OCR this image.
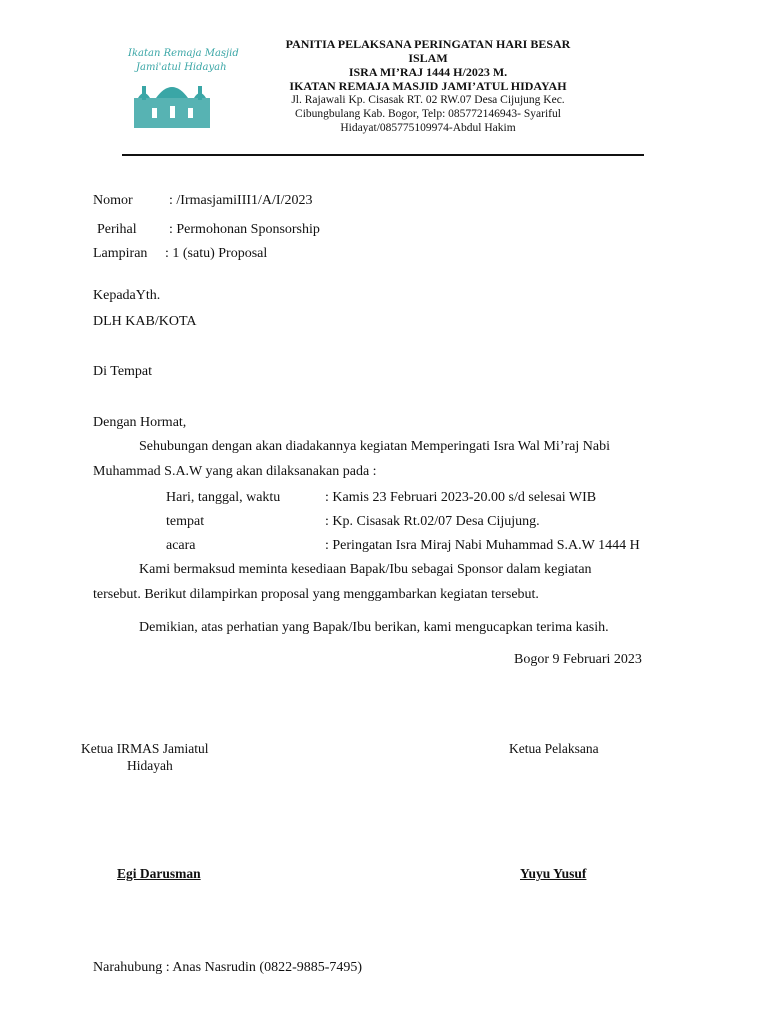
Ikatan Remaja Masjid
Jami'atul Hidayah
PANITIA PELAKSANA PERINGATAN HARI BESAR
ISLAM
ISRA MI’RAJ 1444 H/2023 M.
IKATAN REMAJA MASJID JAMI’ATUL HIDAYAH
Jl. Rajawali Kp. Cisasak RT. 02 RW.07 Desa Cijujung Kec.
Cibungbulang Kab. Bogor, Telp: 085772146943- Syariful
Hidayat/085775109974-Abdul Hakim
Nomor	: /IrmasjamiIII1/A/I/2023
Perihal : Permohonan Sponsorship
Lampiran : 1 (satu) Proposal
KepadaYth.
DLH KAB/KOTA
Di Tempat
Dengan Hormat,
Sehubungan dengan akan diadakannya kegiatan Memperingati Isra Wal Mi’raj Nabi
Muhammad S.A.W yang akan dilaksanakan pada :
Hari, tanggal, waktu	: Kamis 23 Februari 2023-20.00 s/d selesai WIB
tempat	: Kp. Cisasak Rt.02/07 Desa Cijujung.
acara	: Peringatan Isra Miraj Nabi Muhammad S.A.W 1444 H
Kami bermaksud meminta kesediaan Bapak/Ibu sebagai Sponsor dalam kegiatan
tersebut. Berikut dilampirkan proposal yang menggambarkan kegiatan tersebut.
Demikian, atas perhatian yang Bapak/Ibu berikan, kami mengucapkan terima kasih.
Bogor 9 Februari 2023
Ketua IRMAS Jamiatul
Hidayah
Ketua Pelaksana
Egi Darusman	Yuyu Yusuf
Narahubung : Anas Nasrudin (0822-9885-7495)
